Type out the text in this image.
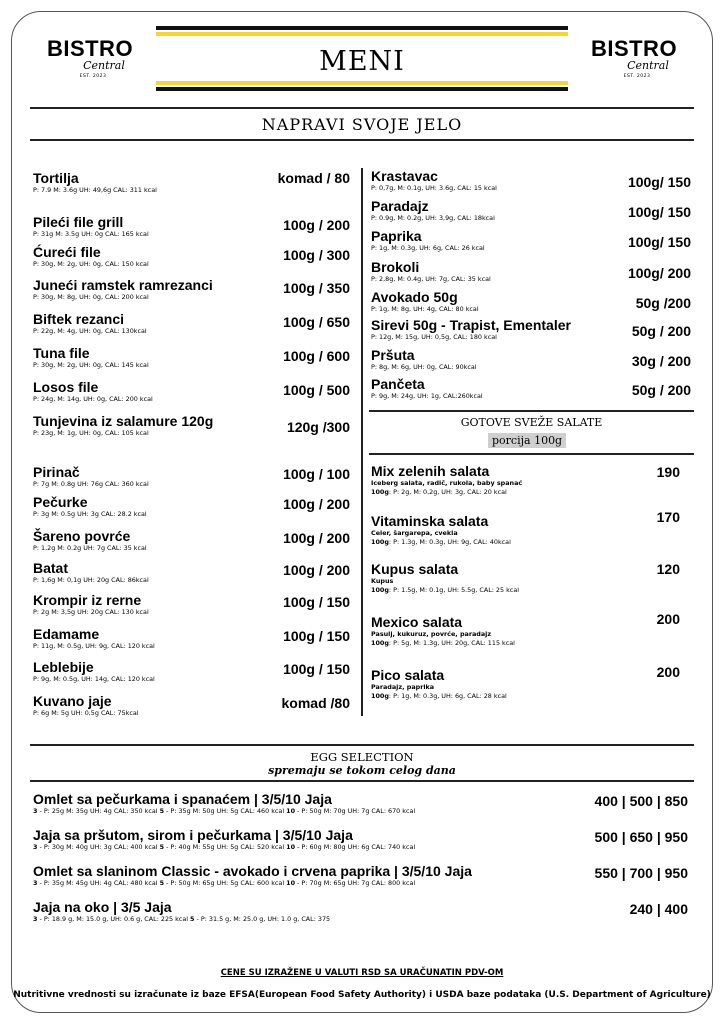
BISTRO
Central
EST. 2023
BISTRO
Central
EST. 2023
MENI
NAPRAVI SVOJE JELO
Tortilja
P: 7.9 M: 3.6g UH: 49,6g CAL: 311 kcal
komad / 80
Pileći file grill
P: 31g M: 3.5g UH: 0g CAL: 165 kcal
100g / 200
Ćureći file
P: 30g, M: 2g, UH: 0g, CAL: 150 kcal
100g / 300
Juneći ramstek ramrezanci
P: 30g, M: 8g, UH: 0g, CAL: 200 kcal
100g / 350
Biftek rezanci
P: 22g, M: 4g, UH: 0g, CAL: 130kcal
100g / 650
Tuna file
P: 30g, M: 2g, UH: 0g, CAL: 145 kcal
100g / 600
Losos file
P: 24g, M: 14g, UH: 0g, CAL: 200 kcal
100g / 500
Tunjevina iz salamure 120g
P: 23g, M: 1g, UH: 0g, CAL: 105 kcal	120g /300
Pirinač
P: 7g M: 0.8g UH: 76g CAL: 360 kcal
100g / 100
Pečurke
P: 3g M: 0.5g UH: 3g CAL: 28.2 kcal
100g / 200
Šareno povrće
P: 1,2g M: 0.2g UH: 7g CAL: 35 kcal
100g / 200
Batat
P: 1,6g M: 0,1g UH: 20g CAL: 86kcal
100g / 200
Krompir iz rerne
P: 2g M: 3,5g UH: 20g CAL: 130 kcal
100g / 150
Edamame
P: 11g, M: 0.5g, UH: 9g, CAL: 120 kcal
100g / 150
Leblebije
P: 9g, M: 0.5g, UH: 14g, CAL: 120 kcal
100g / 150
Kuvano jaje
P: 6g M: 5g UH: 0,5g CAL: 75kcal
komad /80
Krastavac
P: 0,7g, M: 0.1g, UH: 3.6g, CAL: 15 kcal	100g/ 150
Paradajz
P: 0.9g, M: 0.2g, UH: 3,9g, CAL: 18kcal	100g/ 150
Paprika
P: 1g, M: 0.3g, UH: 6g, CAL: 26 kcal	100g/ 150
Brokoli
P: 2,8g, M: 0.4g, UH: 7g, CAL: 35 kcal	100g/ 200
Avokado 50g
P: 1g, M: 8g, UH: 4g, CAL: 80 kcal	50g /200
Sirevi 50g - Trapist, Ementaler
P: 12g, M: 15g, UH: 0,5g, CAL: 180 kcal	50g / 200
Pršuta
P: 8g, M: 6g, UH: 0g, CAL: 90kcal	30g / 200
Pančeta
P: 9g, M: 24g, UH: 1g, CAL:260kcal	50g / 200
GOTOVE SVEŽE SALATE
porcija 100g
Mix zelenih salata
Iceberg salata, radič, rukola, baby spanać
100g: P: 2g, M: 0,2g, UH: 3g, CAL: 20 kcal
190
Vitaminska salata
Celer, šargarepa, cvekla
100g: P: 1.3g, M: 0.3g, UH: 9g, CAL: 40kcal
170
Kupus salata
Kupus
100g: P: 1.5g, M: 0.1g, UH: 5.5g, CAL: 25 kcal
120
Mexico salata
Pasulj, kukuruz, povrće, paradajz
100g: P: 5g, M: 1.3g, UH: 20g, CAL: 115 kcal
200
Pico salata
Paradajz, paprika
100g: P: 1g, M: 0.3g, UH: 6g, CAL: 28 kcal
200
EGG SELECTION
spremaju se tokom celog dana
Omlet sa pečurkama i spanaćem | 3/5/10 Jaja
3 - P: 25g M: 35g UH: 4g CAL: 350 kcal 5 - P: 35g M: 50g UH: 5g CAL: 460 kcal 10 - P: 50g M: 70g UH: 7g CAL: 670 kcal
400 | 500 | 850
Jaja sa pršutom, sirom i pečurkama | 3/5/10 Jaja
3 - P: 30g M: 40g UH: 3g CAL: 400 kcal 5 - P: 40g M: 55g UH: 5g CAL: 520 kcal 10 - P: 60g M: 80g UH: 6g CAL: 740 kcal
500 | 650 | 950
Omlet sa slaninom Classic - avokado i crvena paprika | 3/5/10 Jaja
3 - P: 35g M: 45g UH: 4g CAL: 480 kcal 5 - P: 50g M: 65g UH: 5g CAL: 600 kcal 10 - P: 70g M: 65g UH: 7g CAL: 800 kcal
550 | 700 | 950
Jaja na oko | 3/5 Jaja
3 - P: 18.9 g, M: 15.0 g, UH: 0.6 g, CAL: 225 kcal 5 - P: 31.5 g, M: 25.0 g, UH: 1.0 g, CAL: 375
240 | 400
CENE SU IZRAŽENE U VALUTI RSD SA URAČUNATIN PDV-OM
Nutritivne vrednosti su izračunate iz baze EFSA(European Food Safety Authority) i USDA baze podataka (U.S. Department of Agriculture)
